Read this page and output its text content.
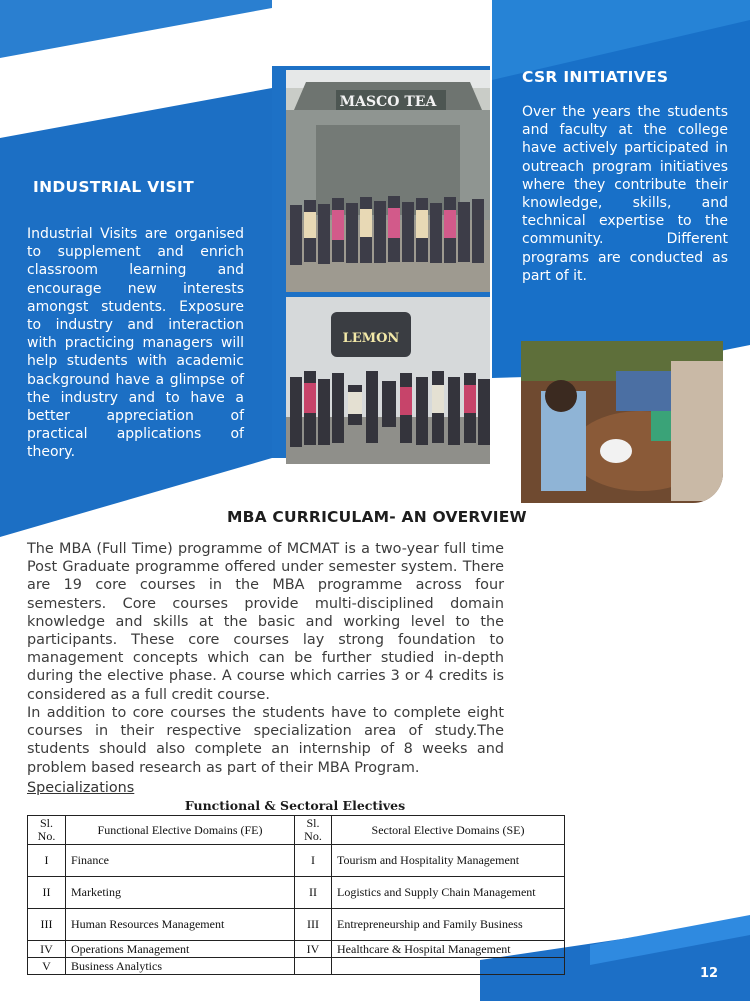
INDUSTRIAL VISIT
Industrial Visits are organised to supplement and enrich classroom learning and encourage new interests amongst students. Exposure to industry and interaction with practicing managers will help students with academic background have a glimpse of the industry and to have a better appreciation of practical applications of theory.
MASCO TEA
LEMON
CSR INITIATIVES
Over the years the students and faculty at the college have actively participated in outreach program initiatives where they contribute their knowledge, skills, and technical expertise to the community. Different programs are conducted as part of it.
MBA CURRICULAM- AN OVERVIEW
The MBA (Full Time) programme of MCMAT is a two-year full time Post Graduate programme offered under semester system. There are 19 core courses in the MBA programme across four semesters. Core courses provide multi-disciplined domain knowledge and skills at the basic and working level to the participants. These core courses lay strong foundation to management concepts which can be further studied in-depth during the elective phase. A course which carries 3 or 4 credits is considered as a full credit course.
In addition to core courses the students have to complete eight courses in their respective specialization area of study.The students should also complete an internship of 8 weeks and problem based research as part of their MBA Program.
Specializations
Functional & Sectoral Electives
Sl. No.	Functional Elective Domains (FE)	Sl. No.	Sectoral Elective Domains (SE)
I	Finance	I	Tourism and Hospitality Management
II	Marketing	II	Logistics and Supply Chain Management
III	Human Resources Management	III	Entrepreneurship and Family Business
IV	Operations Management	IV	Healthcare & Hospital Management
V	Business Analytics		
12
